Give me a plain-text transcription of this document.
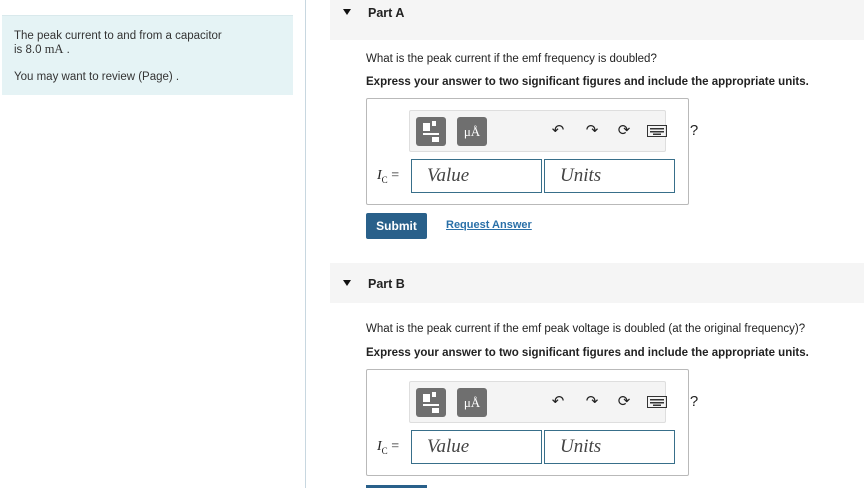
The peak current to and from a capacitor
is 8.0 mA .
You may want to review (Page) .
Part A
What is the peak current if the emf frequency is doubled?
Express your answer to two significant figures and include the appropriate units.
μÅ	↶	↷	⟳	?
$I_C$ =	Value	Units
Submit	Request Answer
Part B
What is the peak current if the emf peak voltage is doubled (at the original frequency)?
Express your answer to two significant figures and include the appropriate units.
μÅ	↶	↷	⟳	?
$I_C$ =	Value	Units
